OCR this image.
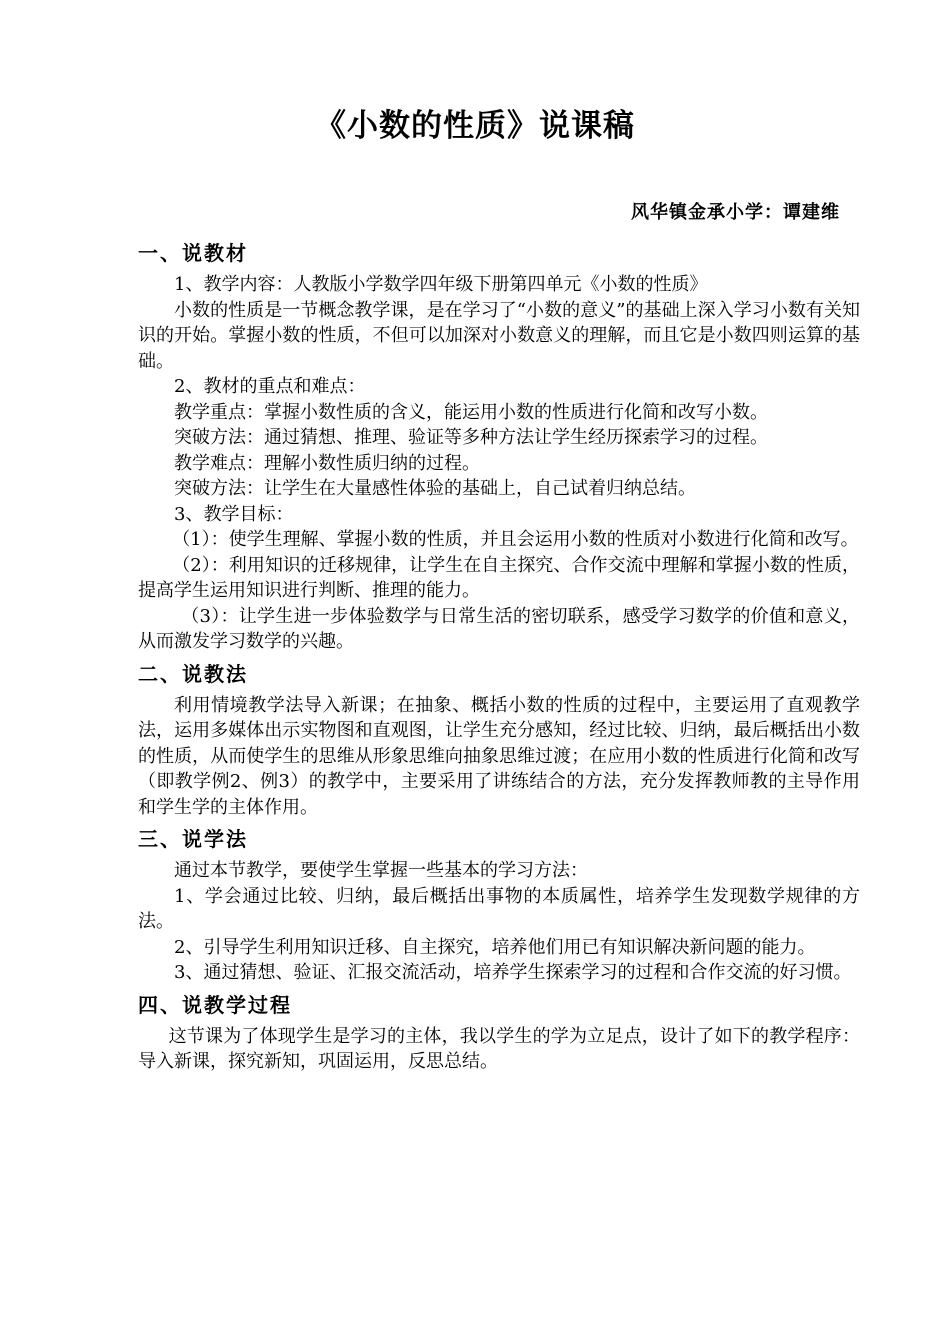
《小数的性质》说课稿
风华镇金承小学：谭建维
一、说教材

1、教学内容：人教版小学数学四年级下册第四单元《小数的性质》

小数的性质是一节概念教学课，是在学习了“小数的意义”的基础上深入学习小数有关知识的开始。掌握小数的性质，不但可以加深对小数意义的理解，而且它是小数四则运算的基础。

2、教材的重点和难点：

教学重点：掌握小数性质的含义，能运用小数的性质进行化简和改写小数。

突破方法：通过猜想、推理、验证等多种方法让学生经历探索学习的过程。

教学难点：理解小数性质归纳的过程。

突破方法：让学生在大量感性体验的基础上，自己试着归纳总结。

3、教学目标：

（1）：使学生理解、掌握小数的性质，并且会运用小数的性质对小数进行化简和改写。

（2）：利用知识的迁移规律，让学生在自主探究、合作交流中理解和掌握小数的性质，提高学生运用知识进行判断、推理的能力。

（3）：让学生进一步体验数学与日常生活的密切联系，感受学习数学的价值和意义，从而激发学习数学的兴趣。

二、说教法

利用情境教学法导入新课；在抽象、概括小数的性质的过程中，主要运用了直观教学法，运用多媒体出示实物图和直观图，让学生充分感知，经过比较、归纳，最后概括出小数的性质，从而使学生的思维从形象思维向抽象思维过渡；在应用小数的性质进行化简和改写（即教学例2、例3）的教学中，主要采用了讲练结合的方法，充分发挥教师教的主导作用和学生学的主体作用。

三、说学法

通过本节教学，要使学生掌握一些基本的学习方法：

1、学会通过比较、归纳，最后概括出事物的本质属性，培养学生发现数学规律的方法。

2、引导学生利用知识迁移、自主探究，培养他们用已有知识解决新问题的能力。

3、通过猜想、验证、汇报交流活动，培养学生探索学习的过程和合作交流的好习惯。

四、说教学过程

这节课为了体现学生是学习的主体，我以学生的学为立足点，设计了如下的教学程序：导入新课，探究新知，巩固运用，反思总结。
